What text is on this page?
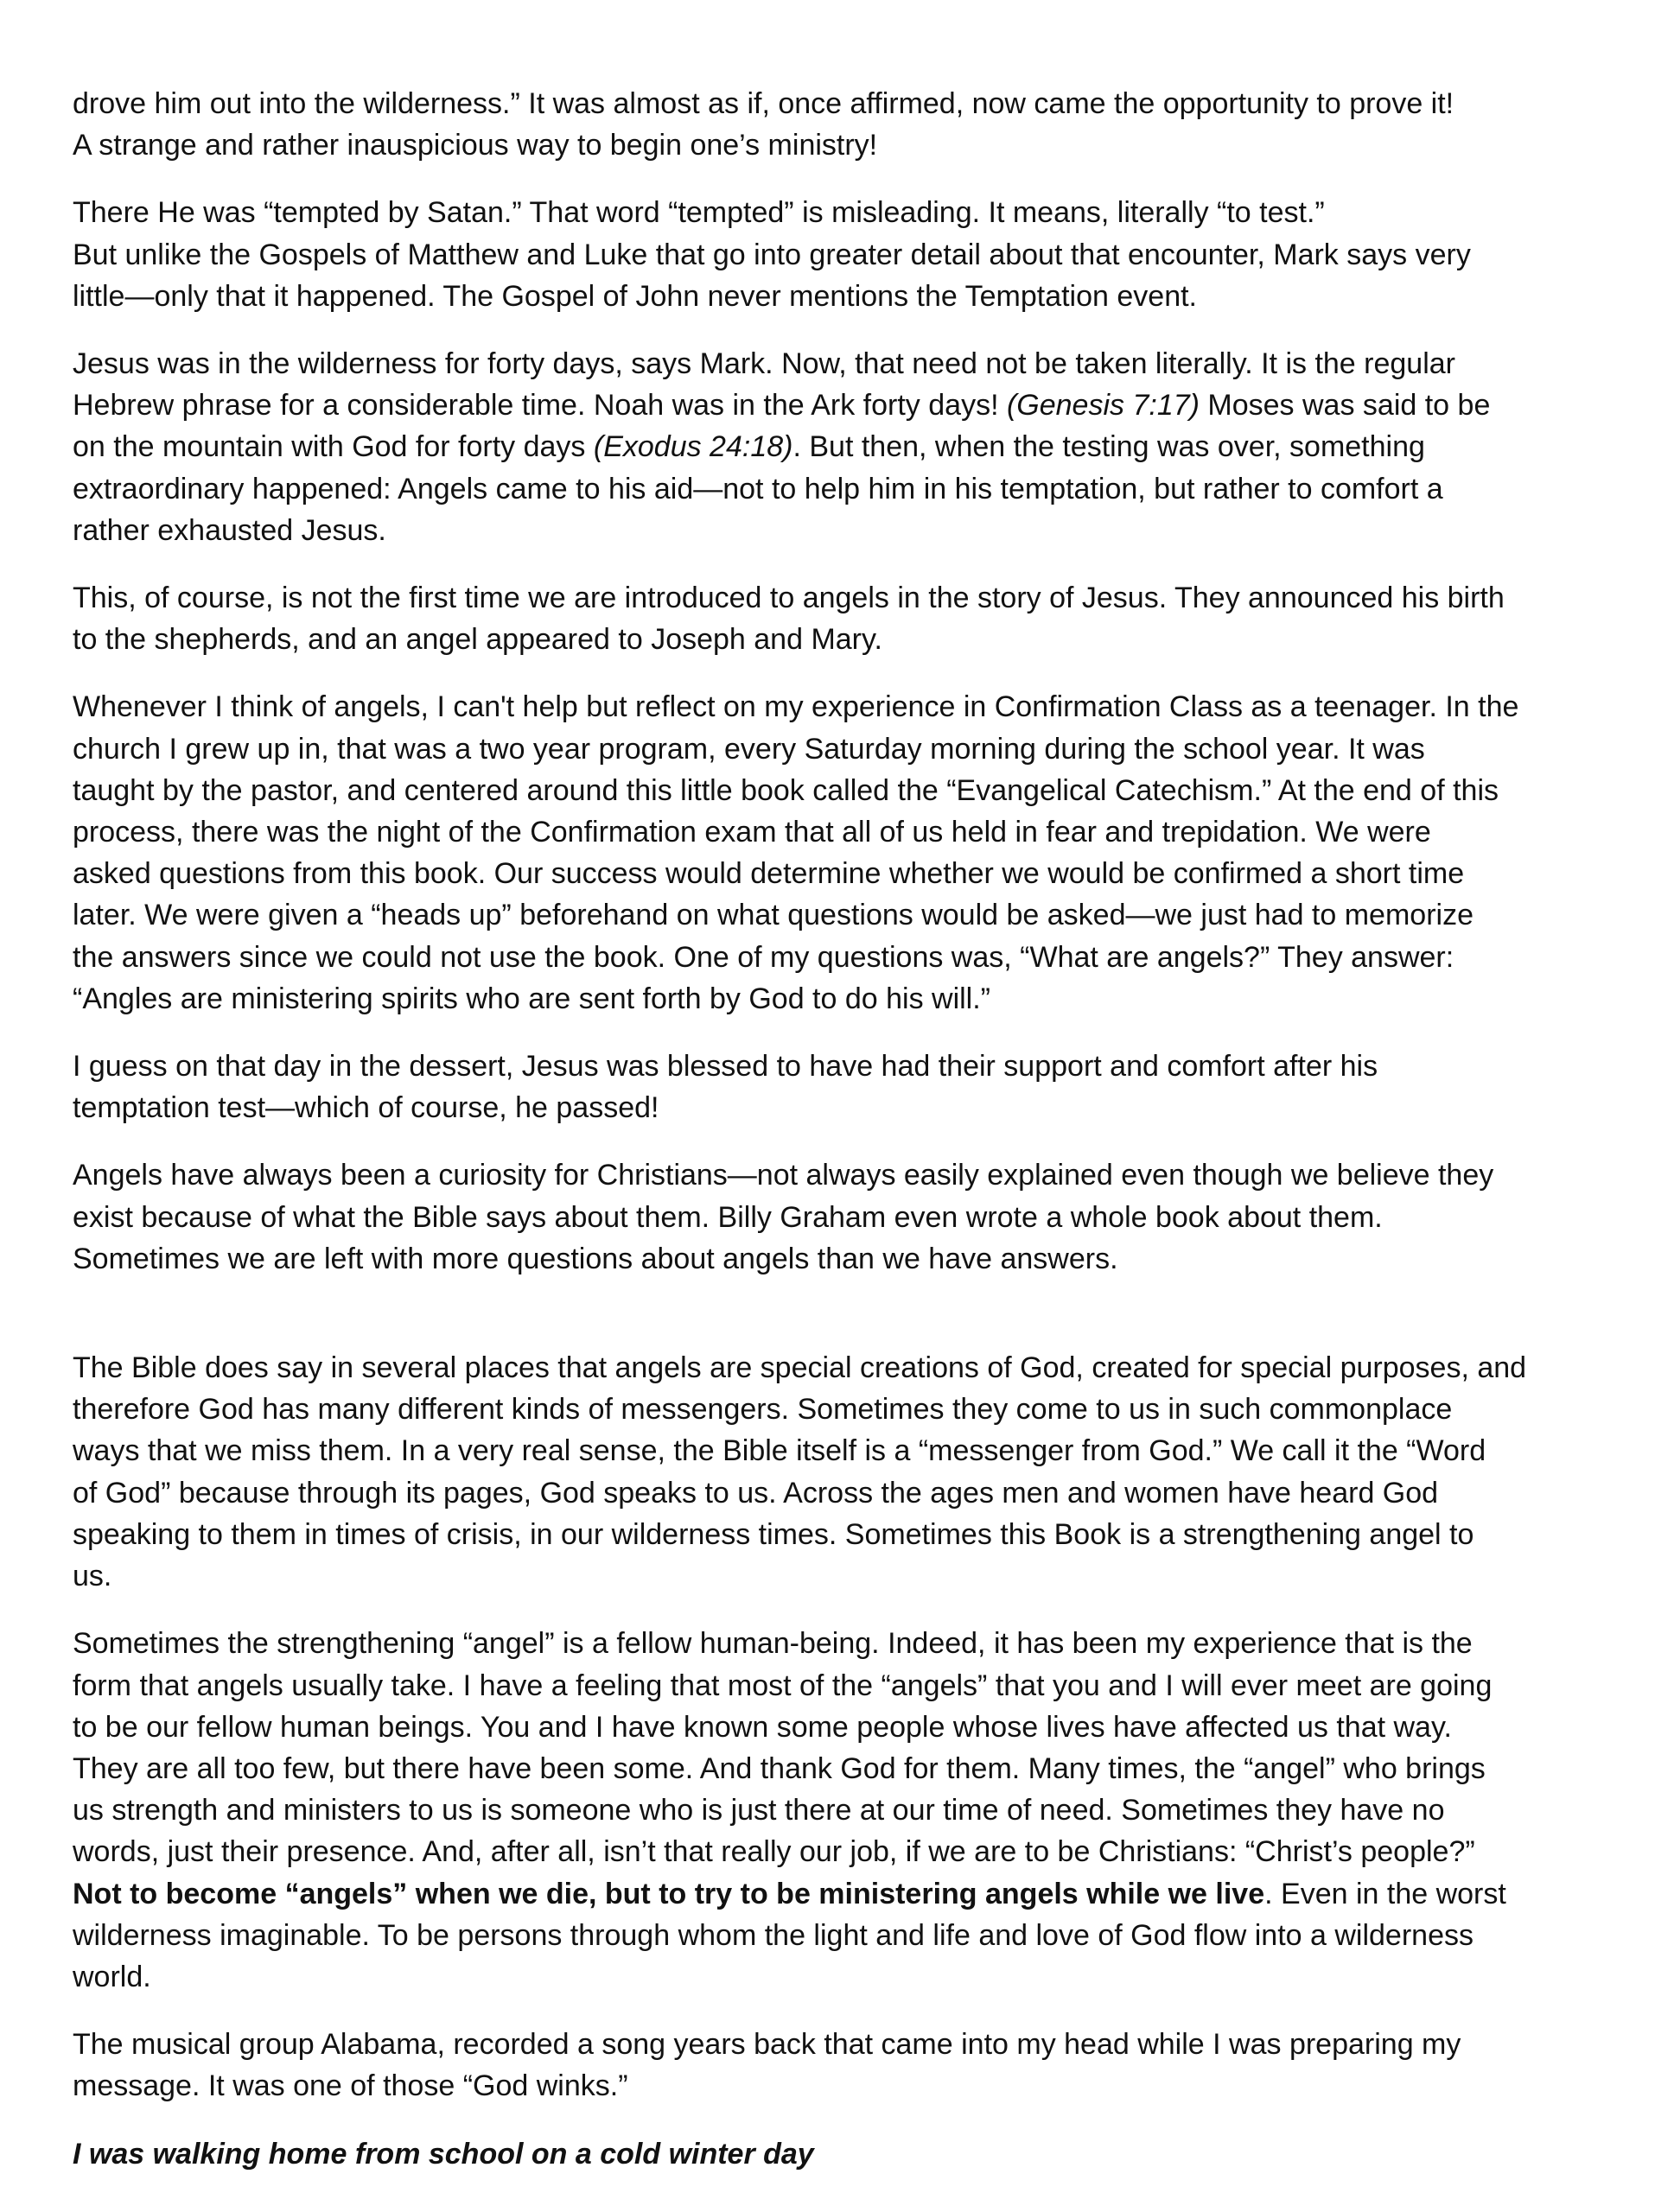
drove him out into the wilderness.” It was almost as if, once affirmed, now came the opportunity to prove it!
A strange and rather inauspicious way to begin one’s ministry!
There He was “tempted by Satan.” That word “tempted” is misleading. It means, literally “to test.”
But unlike the Gospels of Matthew and Luke that go into greater detail about that encounter, Mark says very
little—only that it happened. The Gospel of John never mentions the Temptation event.
Jesus was in the wilderness for forty days, says Mark. Now, that need not be taken literally. It is the regular
Hebrew phrase for a considerable time. Noah was in the Ark forty days! (Genesis 7:17) Moses was said to be
on the mountain with God for forty days (Exodus 24:18). But then, when the testing was over, something
extraordinary happened: Angels came to his aid—not to help him in his temptation, but rather to comfort a
rather exhausted Jesus.
This, of course, is not the first time we are introduced to angels in the story of Jesus. They announced his birth
to the shepherds, and an angel appeared to Joseph and Mary.
Whenever I think of angels, I can't help but reflect on my experience in Confirmation Class as a teenager. In the
church I grew up in, that was a two year program, every Saturday morning during the school year. It was
taught by the pastor, and centered around this little book called the “Evangelical Catechism.” At the end of this
process, there was the night of the Confirmation exam that all of us held in fear and trepidation. We were
asked questions from this book. Our success would determine whether we would be confirmed a short time
later. We were given a “heads up” beforehand on what questions would be asked—we just had to memorize
the answers since we could not use the book. One of my questions was, “What are angels?” They answer:
“Angles are ministering spirits who are sent forth by God to do his will.”
I guess on that day in the dessert, Jesus was blessed to have had their support and comfort after his
temptation test—which of course, he passed!
Angels have always been a curiosity for Christians—not always easily explained even though we believe they
exist because of what the Bible says about them. Billy Graham even wrote a whole book about them.
Sometimes we are left with more questions about angels than we have answers.
The Bible does say in several places that angels are special creations of God, created for special purposes, and
therefore God has many different kinds of messengers. Sometimes they come to us in such commonplace
ways that we miss them. In a very real sense, the Bible itself is a “messenger from God.” We call it the “Word
of God” because through its pages, God speaks to us. Across the ages men and women have heard God
speaking to them in times of crisis, in our wilderness times. Sometimes this Book is a strengthening angel to
us.
Sometimes the strengthening “angel” is a fellow human-being. Indeed, it has been my experience that is the
form that angels usually take. I have a feeling that most of the “angels” that you and I will ever meet are going
to be our fellow human beings. You and I have known some people whose lives have affected us that way.
They are all too few, but there have been some. And thank God for them. Many times, the “angel” who brings
us strength and ministers to us is someone who is just there at our time of need. Sometimes they have no
words, just their presence. And, after all, isn’t that really our job, if we are to be Christians: “Christ’s people?”
Not to become “angels” when we die, but to try to be ministering angels while we live. Even in the worst
wilderness imaginable. To be persons through whom the light and life and love of God flow into a wilderness
world.
The musical group Alabama, recorded a song years back that came into my head while I was preparing my
message. It was one of those “God winks.”
I was walking home from school on a cold winter day
